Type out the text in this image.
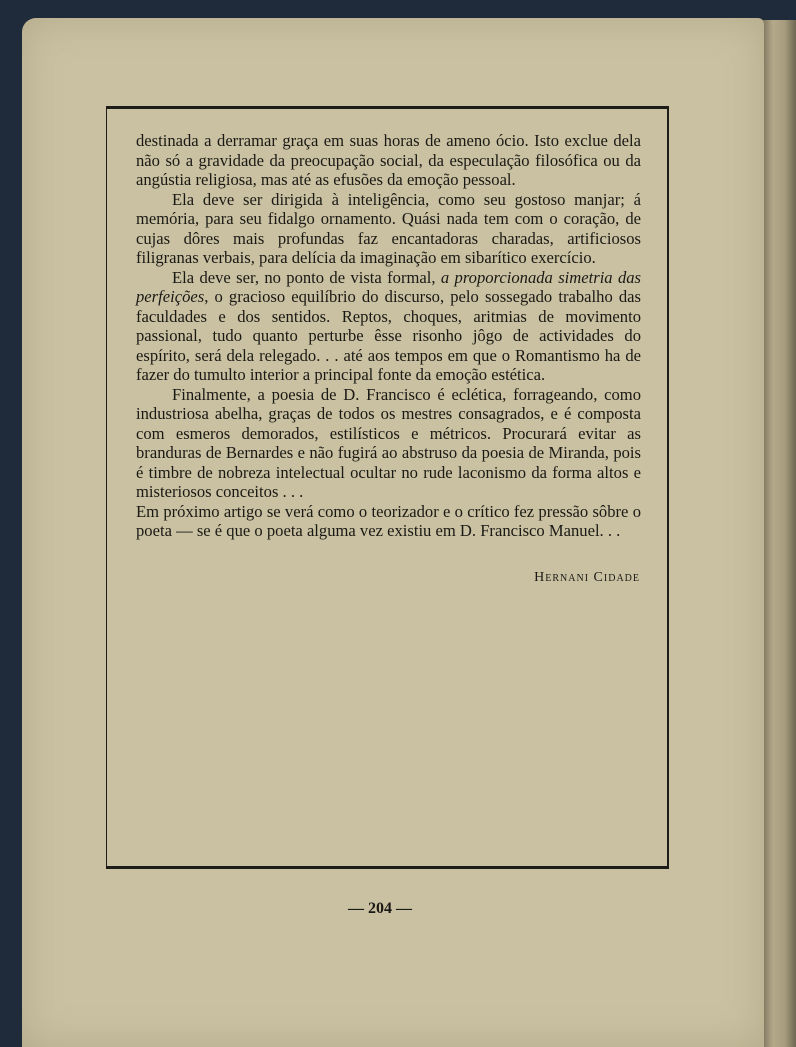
destinada a derramar graça em suas horas de ameno ócio. Isto exclue dela não só a gravidade da preocupação social, da especulação filosófica ou da angústia religiosa, mas até as efusões da emoção pessoal.

Ela deve ser dirigida à inteligência, como seu gostoso manjar; á memória, para seu fidalgo ornamento. Quási nada tem com o coração, de cujas dôres mais profundas faz encantadoras charadas, artificiosos filigranas verbais, para delícia da imaginação em sibarítico exercício.

Ela deve ser, no ponto de vista formal, a proporcionada simetria das perfeições, o gracioso equilíbrio do discurso, pelo sossegado trabalho das faculdades e dos sentidos. Reptos, choques, aritmias de movimento passional, tudo quanto perturbe êsse risonho jôgo de actividades do espírito, será dela relegado. . . até aos tempos em que o Romantismo ha de fazer do tumulto interior a principal fonte da emoção estética.

Finalmente, a poesia de D. Francisco é eclética, forrageando, como industriosa abelha, graças de todos os mestres consagrados, e é composta com esmeros demorados, estilísticos e métricos. Procurará evitar as branduras de Bernardes e não fugirá ao abstruso da poesia de Miranda, pois é timbre de nobreza intelectual ocultar no rude laconismo da forma altos e misteriosos conceitos . . .

Em próximo artigo se verá como o teorizador e o crítico fez pressão sôbre o poeta — se é que o poeta alguma vez existiu em D. Francisco Manuel. . .

Hernani Cidade
— 204 —
